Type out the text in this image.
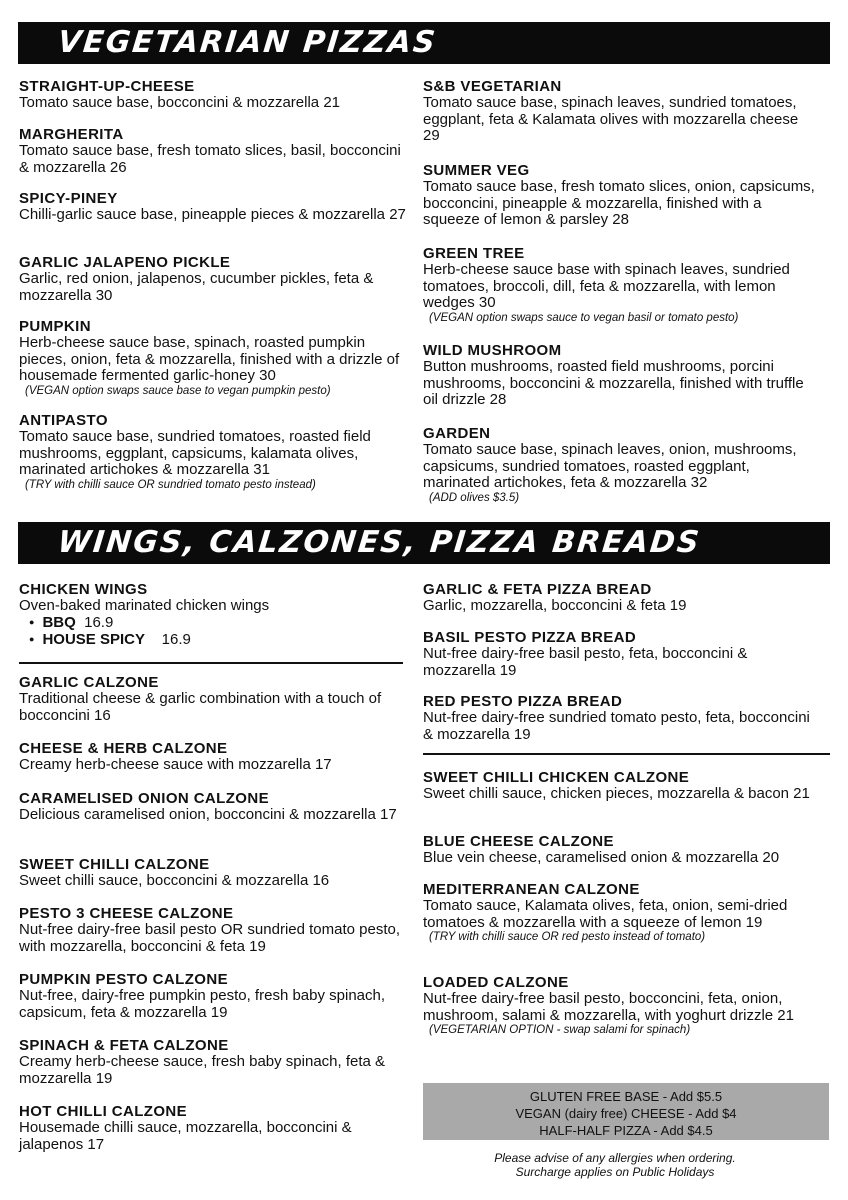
VEGETARIAN PIZZAS
STRAIGHT-UP-CHEESE
Tomato sauce base, bocconcini & mozzarella 21
MARGHERITA
Tomato sauce base, fresh tomato slices, basil, bocconcini & mozzarella 26
SPICY-PINEY
Chilli-garlic sauce base, pineapple pieces & mozzarella 27
GARLIC JALAPENO PICKLE
Garlic, red onion, jalapenos, cucumber pickles, feta & mozzarella 30
PUMPKIN
Herb-cheese sauce base, spinach, roasted pumpkin pieces, onion, feta & mozzarella, finished with a drizzle of housemade fermented garlic-honey 30
(VEGAN option swaps sauce base to vegan pumpkin pesto)
ANTIPASTO
Tomato sauce base, sundried tomatoes, roasted field mushrooms, eggplant, capsicums, kalamata olives, marinated artichokes & mozzarella 31
(TRY with chilli sauce OR sundried tomato pesto instead)
S&B VEGETARIAN
Tomato sauce base, spinach leaves, sundried tomatoes, eggplant, feta & Kalamata olives with mozzarella cheese 29
SUMMER VEG
Tomato sauce base, fresh tomato slices, onion, capsicums, bocconcini, pineapple & mozzarella, finished with a squeeze of lemon & parsley 28
GREEN TREE
Herb-cheese sauce base with spinach leaves, sundried tomatoes, broccoli, dill, feta & mozzarella, with lemon wedges 30
(VEGAN option swaps sauce to vegan basil or tomato pesto)
WILD MUSHROOM
Button mushrooms, roasted field mushrooms, porcini mushrooms, bocconcini & mozzarella, finished with truffle oil drizzle 28
GARDEN
Tomato sauce base, spinach leaves, onion, mushrooms, capsicums, sundried tomatoes, roasted eggplant, marinated artichokes, feta & mozzarella 32
(ADD olives $3.5)
WINGS, CALZONES, PIZZA BREADS
CHICKEN WINGS
Oven-baked marinated chicken wings
● BBQ 16.9
● HOUSE SPICY 16.9
GARLIC CALZONE
Traditional cheese & garlic combination with a touch of bocconcini 16
CHEESE & HERB CALZONE
Creamy herb-cheese sauce with mozzarella 17
CARAMELISED ONION CALZONE
Delicious caramelised onion, bocconcini & mozzarella 17
SWEET CHILLI CALZONE
Sweet chilli sauce, bocconcini & mozzarella 16
PESTO 3 CHEESE CALZONE
Nut-free dairy-free basil pesto OR sundried tomato pesto, with mozzarella, bocconcini & feta 19
PUMPKIN PESTO CALZONE
Nut-free, dairy-free pumpkin pesto, fresh baby spinach, capsicum, feta & mozzarella 19
SPINACH & FETA CALZONE
Creamy herb-cheese sauce, fresh baby spinach, feta & mozzarella 19
HOT CHILLI CALZONE
Housemade chilli sauce, mozzarella, bocconcini & jalapenos 17
GARLIC & FETA PIZZA BREAD
Garlic, mozzarella, bocconcini & feta 19
BASIL PESTO PIZZA BREAD
Nut-free dairy-free basil pesto, feta, bocconcini & mozzarella 19
RED PESTO PIZZA BREAD
Nut-free dairy-free sundried tomato pesto, feta, bocconcini & mozzarella 19
SWEET CHILLI CHICKEN CALZONE
Sweet chilli sauce, chicken pieces, mozzarella & bacon 21
BLUE CHEESE CALZONE
Blue vein cheese, caramelised onion & mozzarella 20
MEDITERRANEAN CALZONE
Tomato sauce, Kalamata olives, feta, onion, semi-dried tomatoes & mozzarella with a squeeze of lemon 19
(TRY with chilli sauce OR red pesto instead of tomato)
LOADED CALZONE
Nut-free dairy-free basil pesto, bocconcini, feta, onion, mushroom, salami & mozzarella, with yoghurt drizzle 21
(VEGETARIAN OPTION - swap salami for spinach)
GLUTEN FREE BASE - Add $5.5
VEGAN (dairy free) CHEESE - Add $4
HALF-HALF PIZZA - Add $4.5
Please advise of any allergies when ordering.
Surcharge applies on Public Holidays
